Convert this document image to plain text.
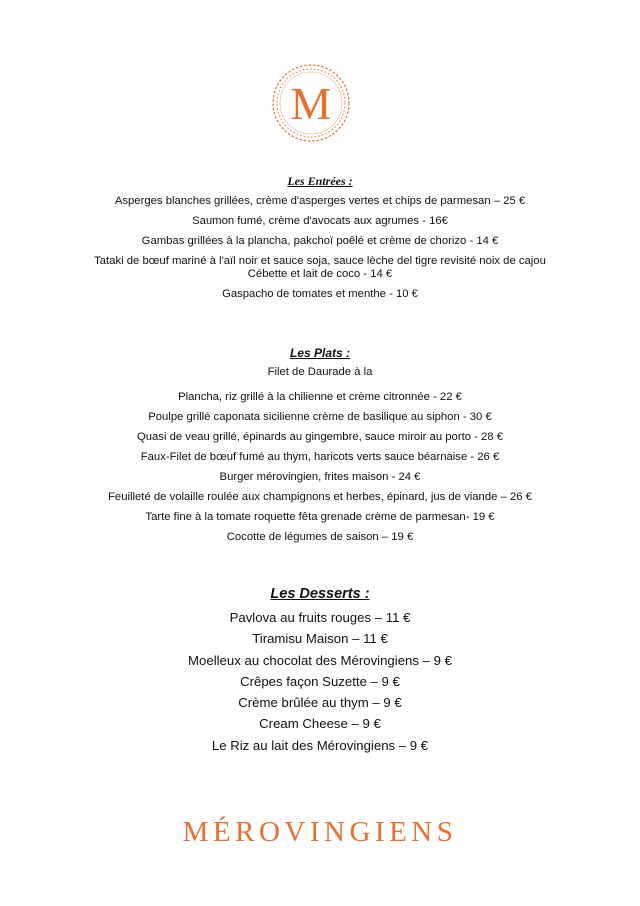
M
Les Entrées :
Asperges blanches grillées, crème d'asperges vertes et chips de parmesan – 25 €
Saumon fumé, crème d'avocats aux agrumes - 16€
Gambas grillées à la plancha, pakchoï poêlé et crème de chorizo - 14 €
Tataki de bœuf mariné à l'aïl noir et sauce soja, sauce lèche del tigre revisité noix de cajou Cébette et lait de coco - 14 €
Gaspacho de tomates et menthe - 10 €
Les Plats :
Filet de Daurade à la
Plancha, riz grillé à la chilienne et crème citronnée - 22 €
Poulpe grillé caponata sicilienne crème de basilique au siphon - 30 €
Quasi de veau grillé, épinards au gingembre, sauce miroir au porto - 28 €
Faux-Filet de bœuf fumé au thym, haricots verts sauce béarnaise - 26 €
Burger mérovingien, frites maison - 24 €
Feuilleté de volaille roulée aux champignons et herbes, épinard, jus de viande – 26 €
Tarte fine à la tomate roquette fêta grenade crème de parmesan- 19 €
Cocotte de légumes de saison – 19 €
Les Desserts :
Pavlova au fruits rouges – 11 €
Tiramisu Maison – 11 €
Moelleux au chocolat des Mérovingiens – 9 €
Crêpes façon Suzette – 9 €
Crème brûlée au thym – 9 €
Cream Cheese – 9 €
Le Riz au lait des Mérovingiens – 9 €
MÉROVINGIENS
